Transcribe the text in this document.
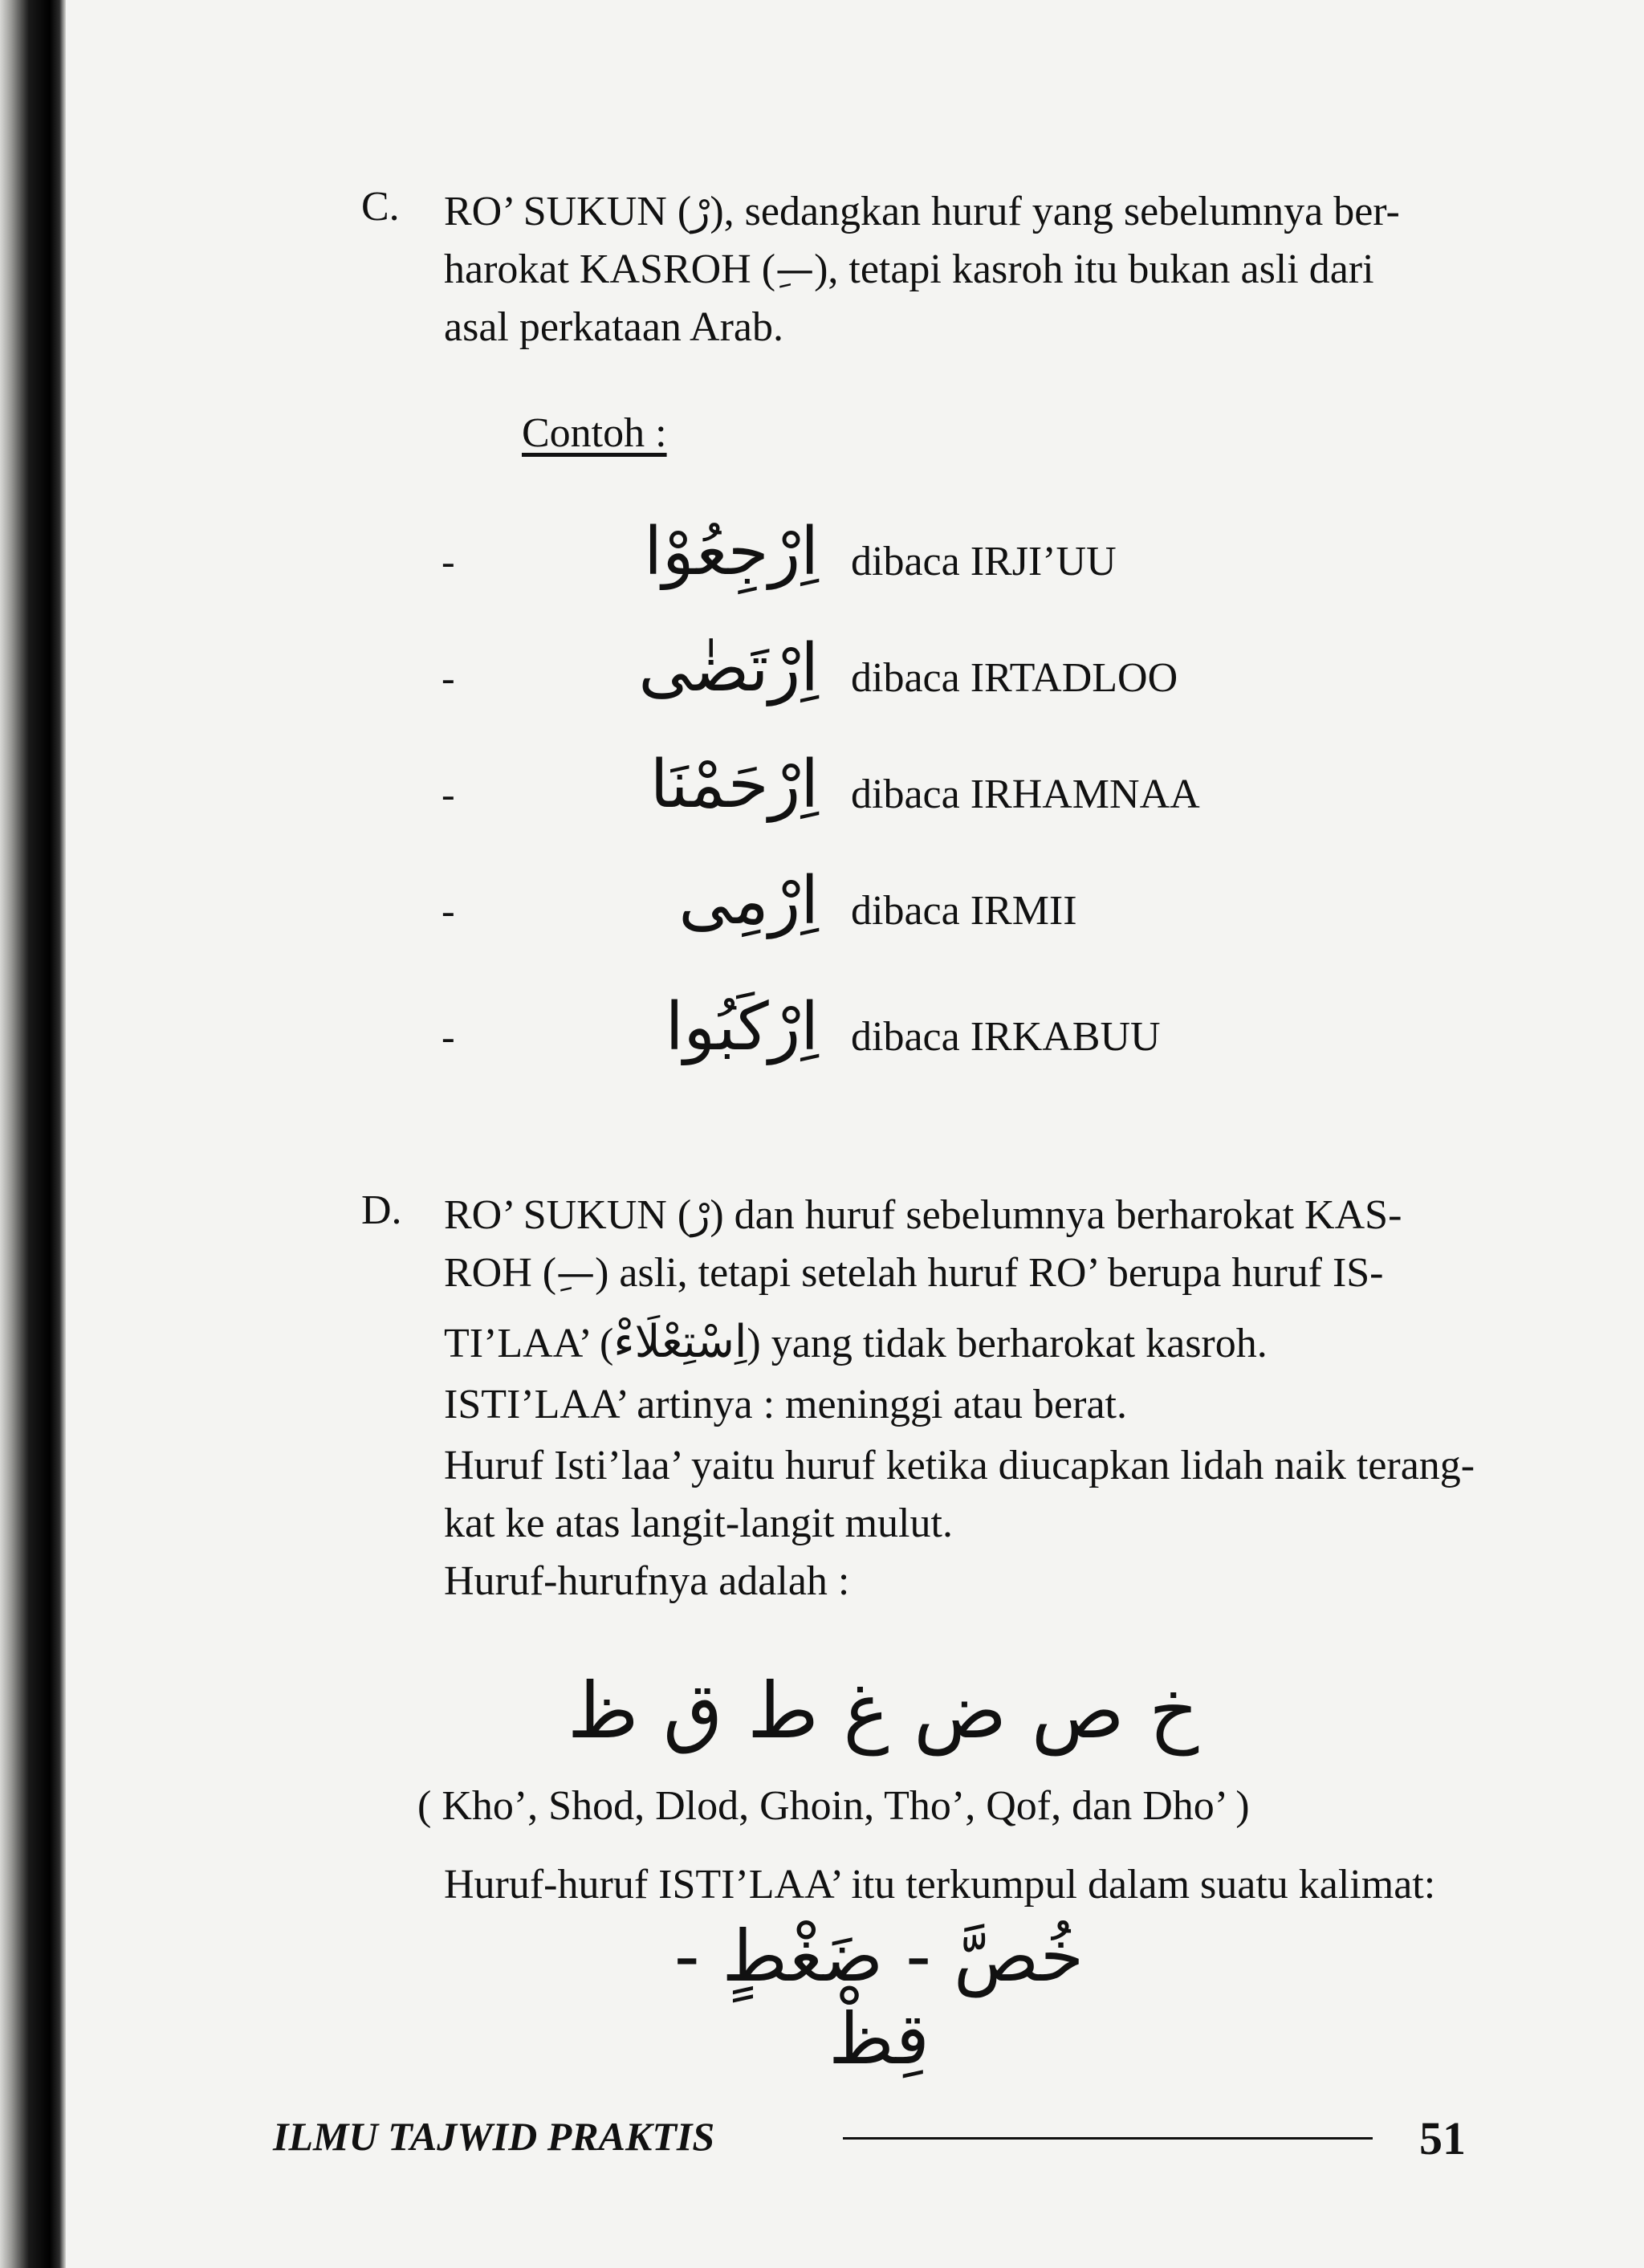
C. RO’ SUKUN (رْ), sedangkan huruf yang sebelumnya ber-
harokat KASROH (—ِ), tetapi kasroh itu bukan asli dari
asal perkataan Arab.
Contoh :
-	اِرْجِعُوْا dibaca IRJI’UU
-	اِرْتَضٰى dibaca IRTADLOO
-	اِرْحَمْنَا dibaca IRHAMNAA
-	اِرْمِى dibaca IRMII
-	اِرْكَبُوا dibaca IRKABUU
D. RO’ SUKUN (رْ) dan huruf sebelumnya berharokat KAS-
ROH (—ِ) asli, tetapi setelah huruf RO’ berupa huruf IS-
TI’LAA’ (اِسْتِعْلَاءْ) yang tidak berharokat kasroh.
ISTI’LAA’ artinya : meninggi atau berat.
Huruf Isti’laa’ yaitu huruf ketika diucapkan lidah naik terang-
kat ke atas langit-langit mulut.
Huruf-hurufnya adalah :
خ ص ض غ ط ق ظ
( Kho’, Shod, Dlod, Ghoin, Tho’, Qof, dan Dho’ )
Huruf-huruf ISTI’LAA’ itu terkumpul dalam suatu kalimat:
خُصَّ - ضَغْطٍ - قِظْ
ILMU TAJWID PRAKTIS	51
